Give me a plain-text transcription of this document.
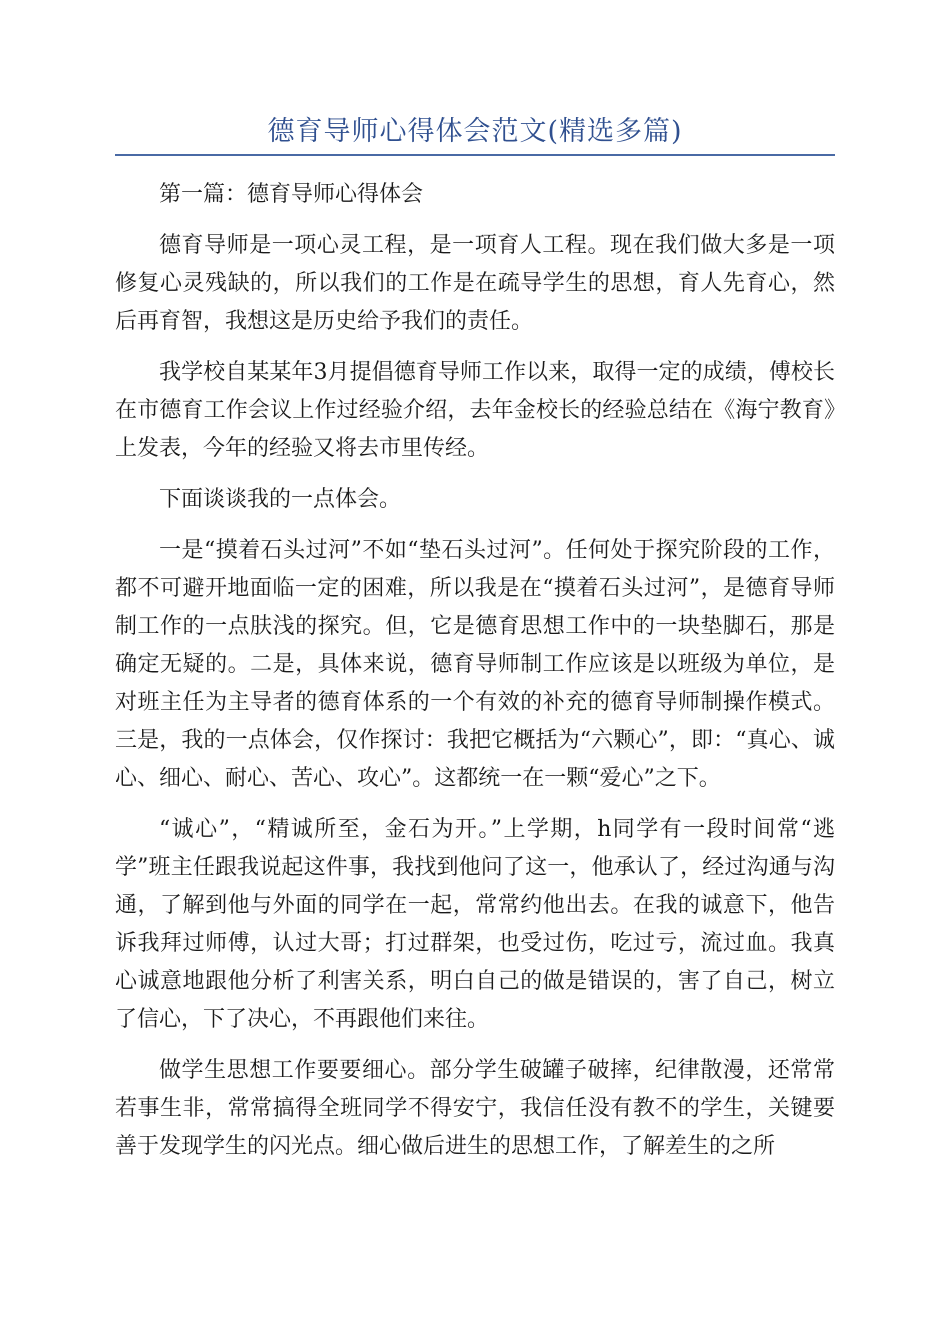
德育导师心得体会范文(精选多篇)

第一篇：德育导师心得体会

德育导师是一项心灵工程，是一项育人工程。现在我们做大多是一项修复心灵残缺的，所以我们的工作是在疏导学生的思想，育人先育心，然后再育智，我想这是历史给予我们的责任。

我学校自某某年3月提倡德育导师工作以来，取得一定的成绩，傅校长在市德育工作会议上作过经验介绍，去年金校长的经验总结在《海宁教育》上发表，今年的经验又将去市里传经。

下面谈谈我的一点体会。

一是“摸着石头过河”不如“垫石头过河”。任何处于探究阶段的工作，都不可避开地面临一定的困难，所以我是在“摸着石头过河”，是德育导师制工作的一点肤浅的探究。但，它是德育思想工作中的一块垫脚石，那是确定无疑的。二是，具体来说，德育导师制工作应该是以班级为单位，是对班主任为主导者的德育体系的一个有效的补充的德育导师制操作模式。三是，我的一点体会，仅作探讨：我把它概括为“六颗心”，即：“真心、诚心、细心、耐心、苦心、攻心”。这都统一在一颗“爱心”之下。

“诚心”，“精诚所至，金石为开。”上学期，h同学有一段时间常“逃学”班主任跟我说起这件事，我找到他问了这一，他承认了，经过沟通与沟通，了解到他与外面的同学在一起，常常约他出去。在我的诚意下，他告诉我拜过师傅，认过大哥；打过群架，也受过伤，吃过亏，流过血。我真心诚意地跟他分析了利害关系，明白自己的做是错误的，害了自己，树立了信心，下了决心，不再跟他们来往。

做学生思想工作要要细心。部分学生破罐子破摔，纪律散漫，还常常若事生非，常常搞得全班同学不得安宁，我信任没有教不的学生，关键要善于发现学生的闪光点。细心做后进生的思想工作，了解差生的之所
